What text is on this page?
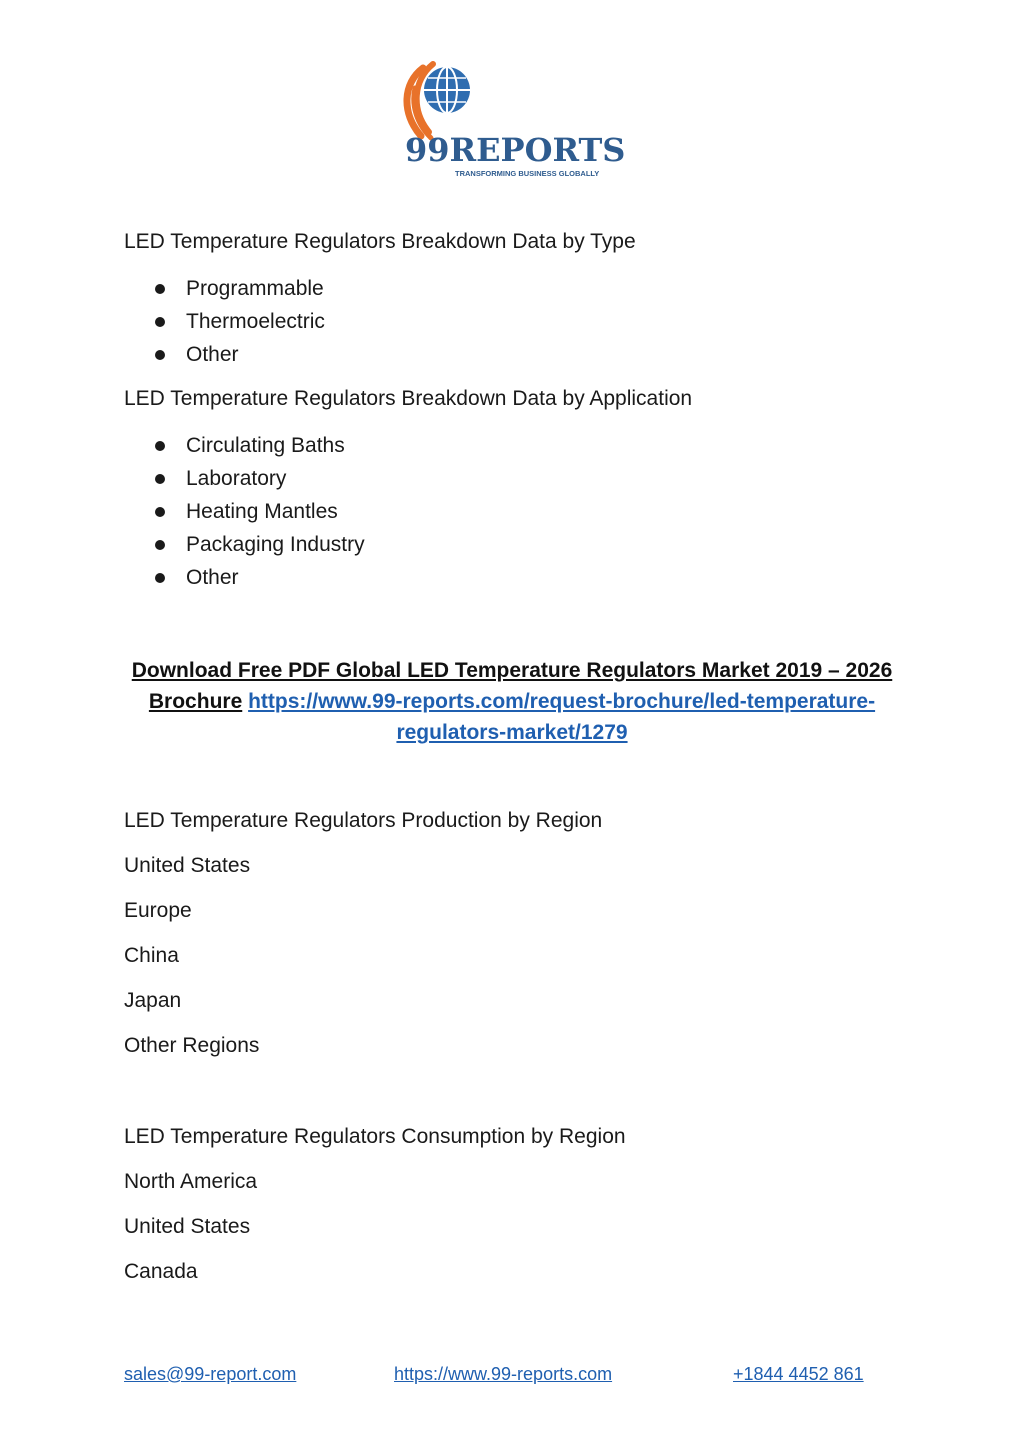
99REPORTS
TRANSFORMING BUSINESS GLOBALLY
LED Temperature Regulators Breakdown Data by Type
Programmable
Thermoelectric
Other
LED Temperature Regulators Breakdown Data by Application
Circulating Baths
Laboratory
Heating Mantles
Packaging Industry
Other
Download Free PDF Global LED Temperature Regulators Market 2019 – 2026
Brochure https://www.99-reports.com/request-brochure/led-temperature-
regulators-market/1279
LED Temperature Regulators Production by Region
United States
Europe
China
Japan
Other Regions
LED Temperature Regulators Consumption by Region
North America
United States
Canada
sales@99-report.com	https://www.99-reports.com	+1844 4452 861
